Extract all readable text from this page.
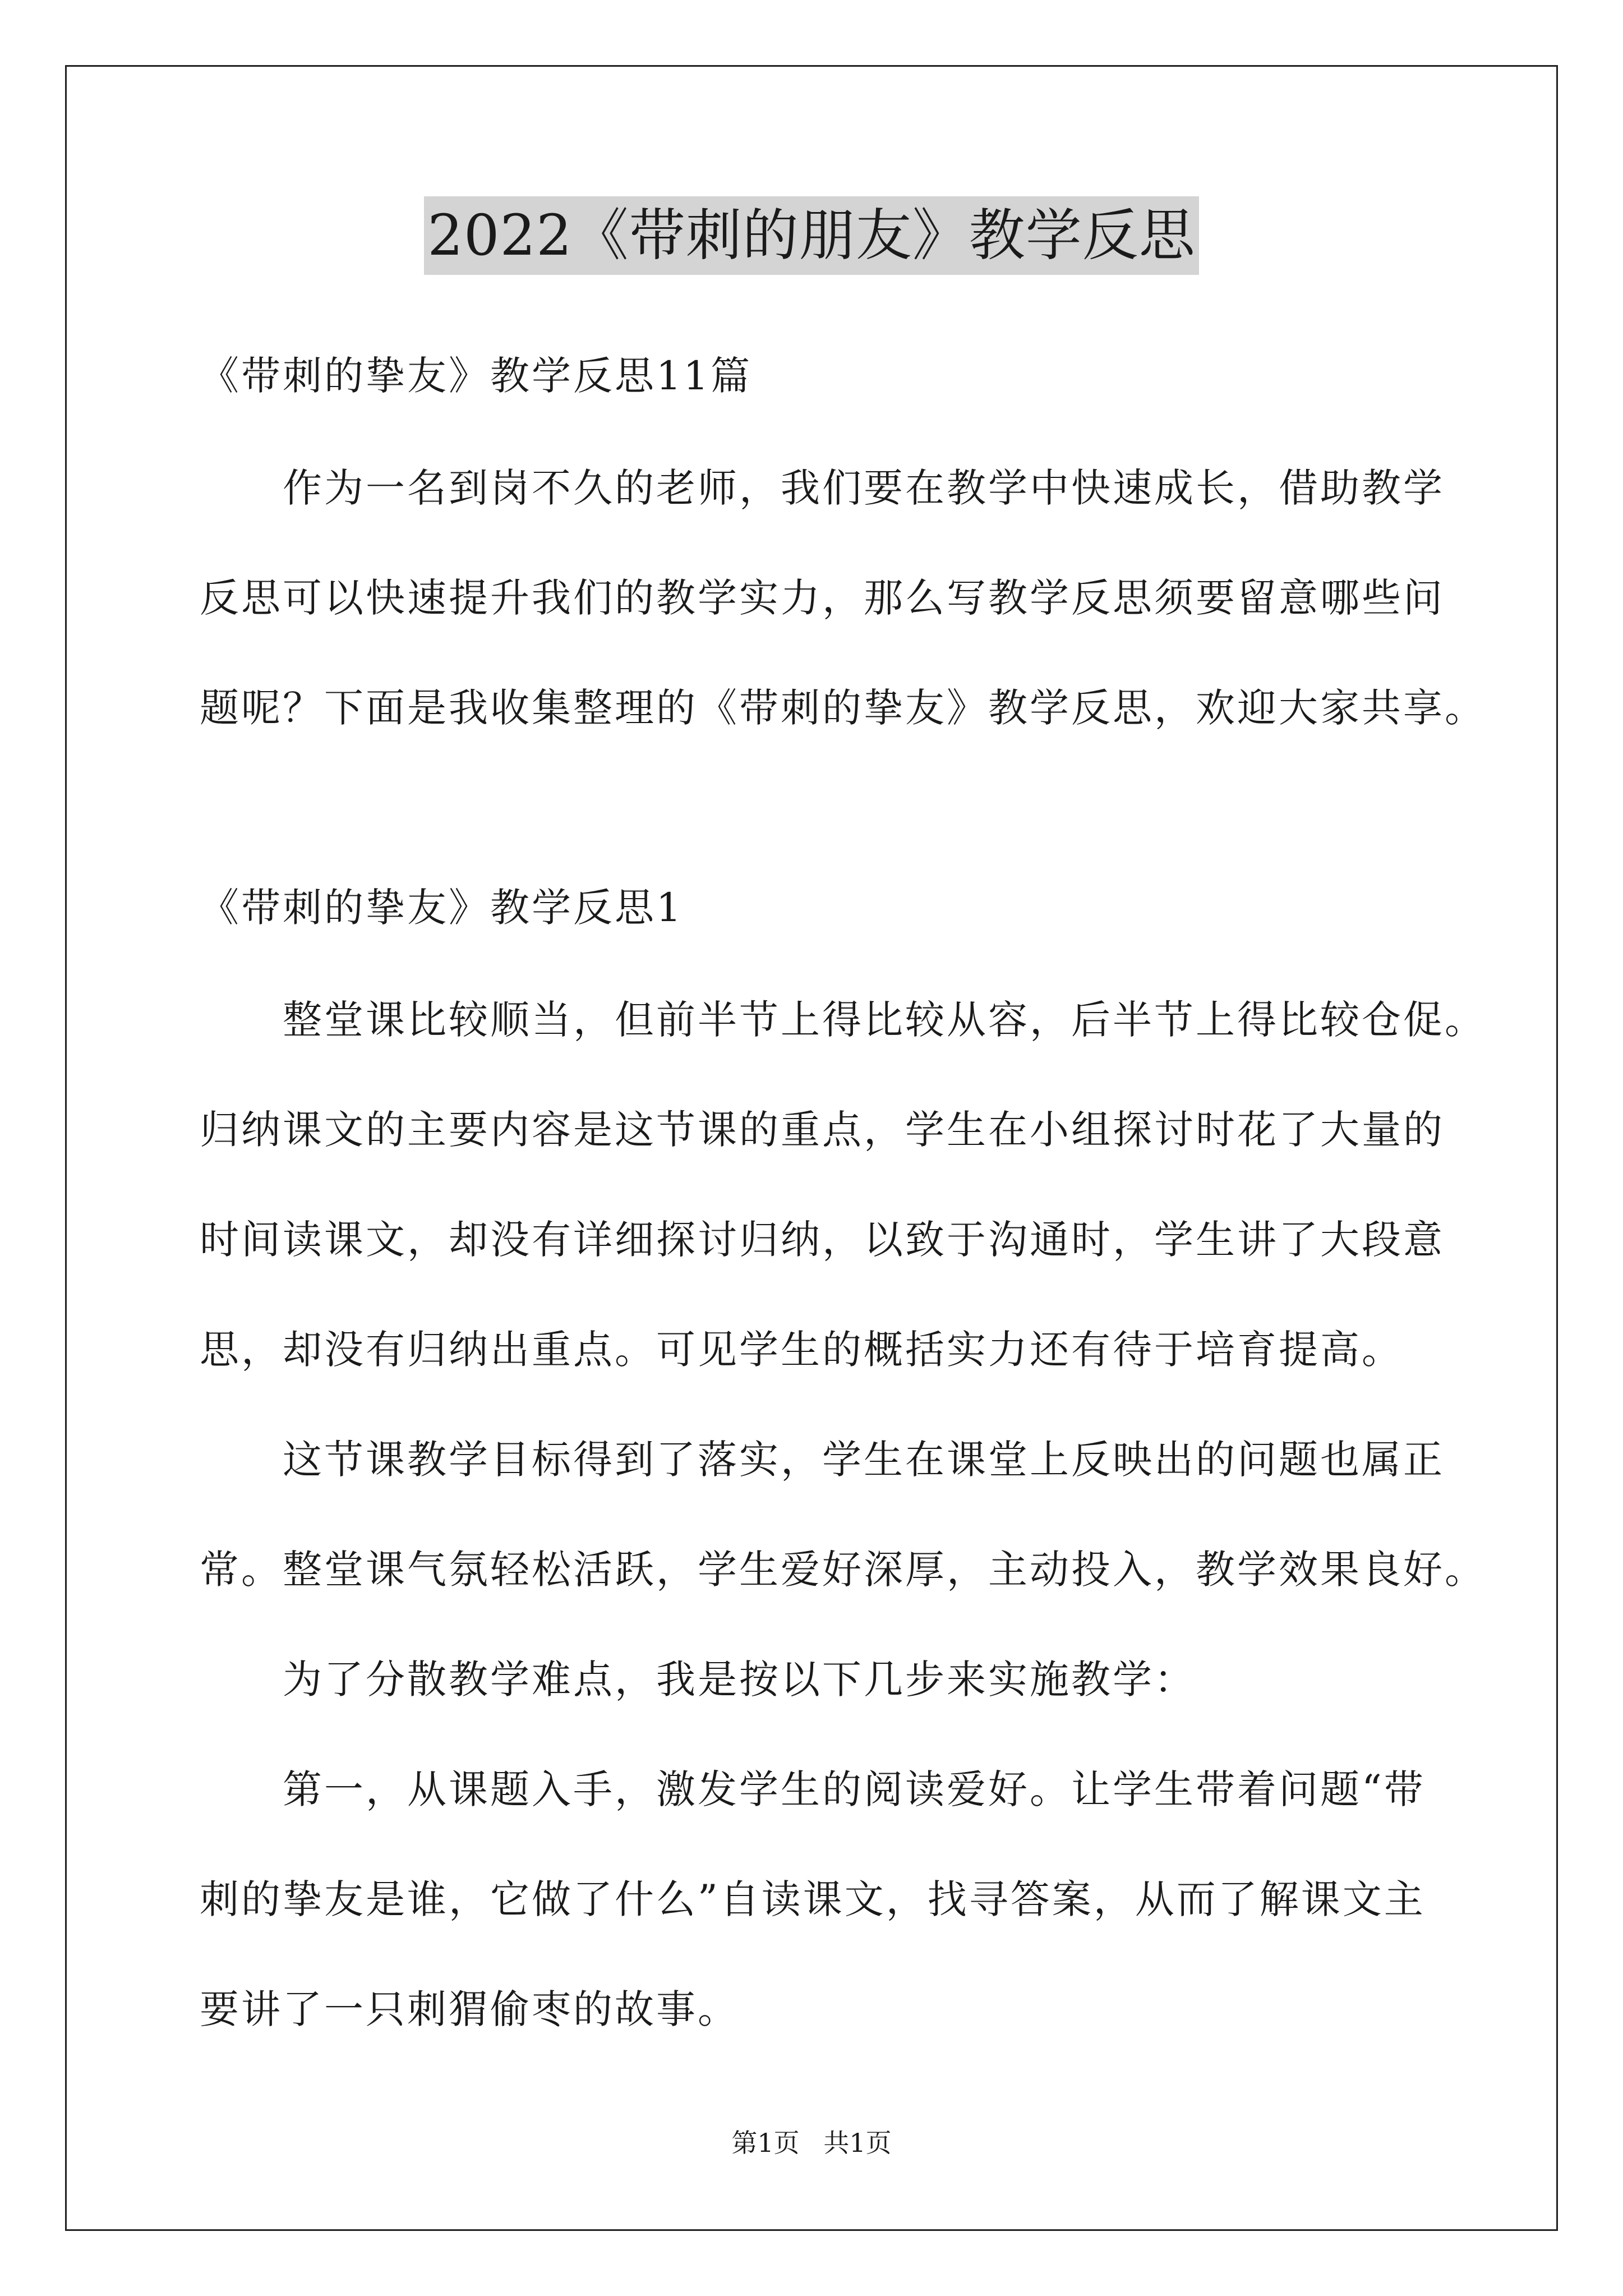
2022《带刺的朋友》教学反思

《带刺的挚友》教学反思11篇

作为一名到岗不久的老师，我们要在教学中快速成长，借助教学

反思可以快速提升我们的教学实力，那么写教学反思须要留意哪些问

题呢？下面是我收集整理的《带刺的挚友》教学反思，欢迎大家共享。

《带刺的挚友》教学反思1

整堂课比较顺当，但前半节上得比较从容，后半节上得比较仓促。

归纳课文的主要内容是这节课的重点，学生在小组探讨时花了大量的

时间读课文，却没有详细探讨归纳，以致于沟通时，学生讲了大段意

思，却没有归纳出重点。可见学生的概括实力还有待于培育提高。

这节课教学目标得到了落实，学生在课堂上反映出的问题也属正

常。整堂课气氛轻松活跃，学生爱好深厚，主动投入，教学效果良好。

为了分散教学难点，我是按以下几步来实施教学：

第一，从课题入手，激发学生的阅读爱好。让学生带着问题“带

刺的挚友是谁，它做了什么”自读课文，找寻答案，从而了解课文主

要讲了一只刺猬偷枣的故事。

第1页 共1页
